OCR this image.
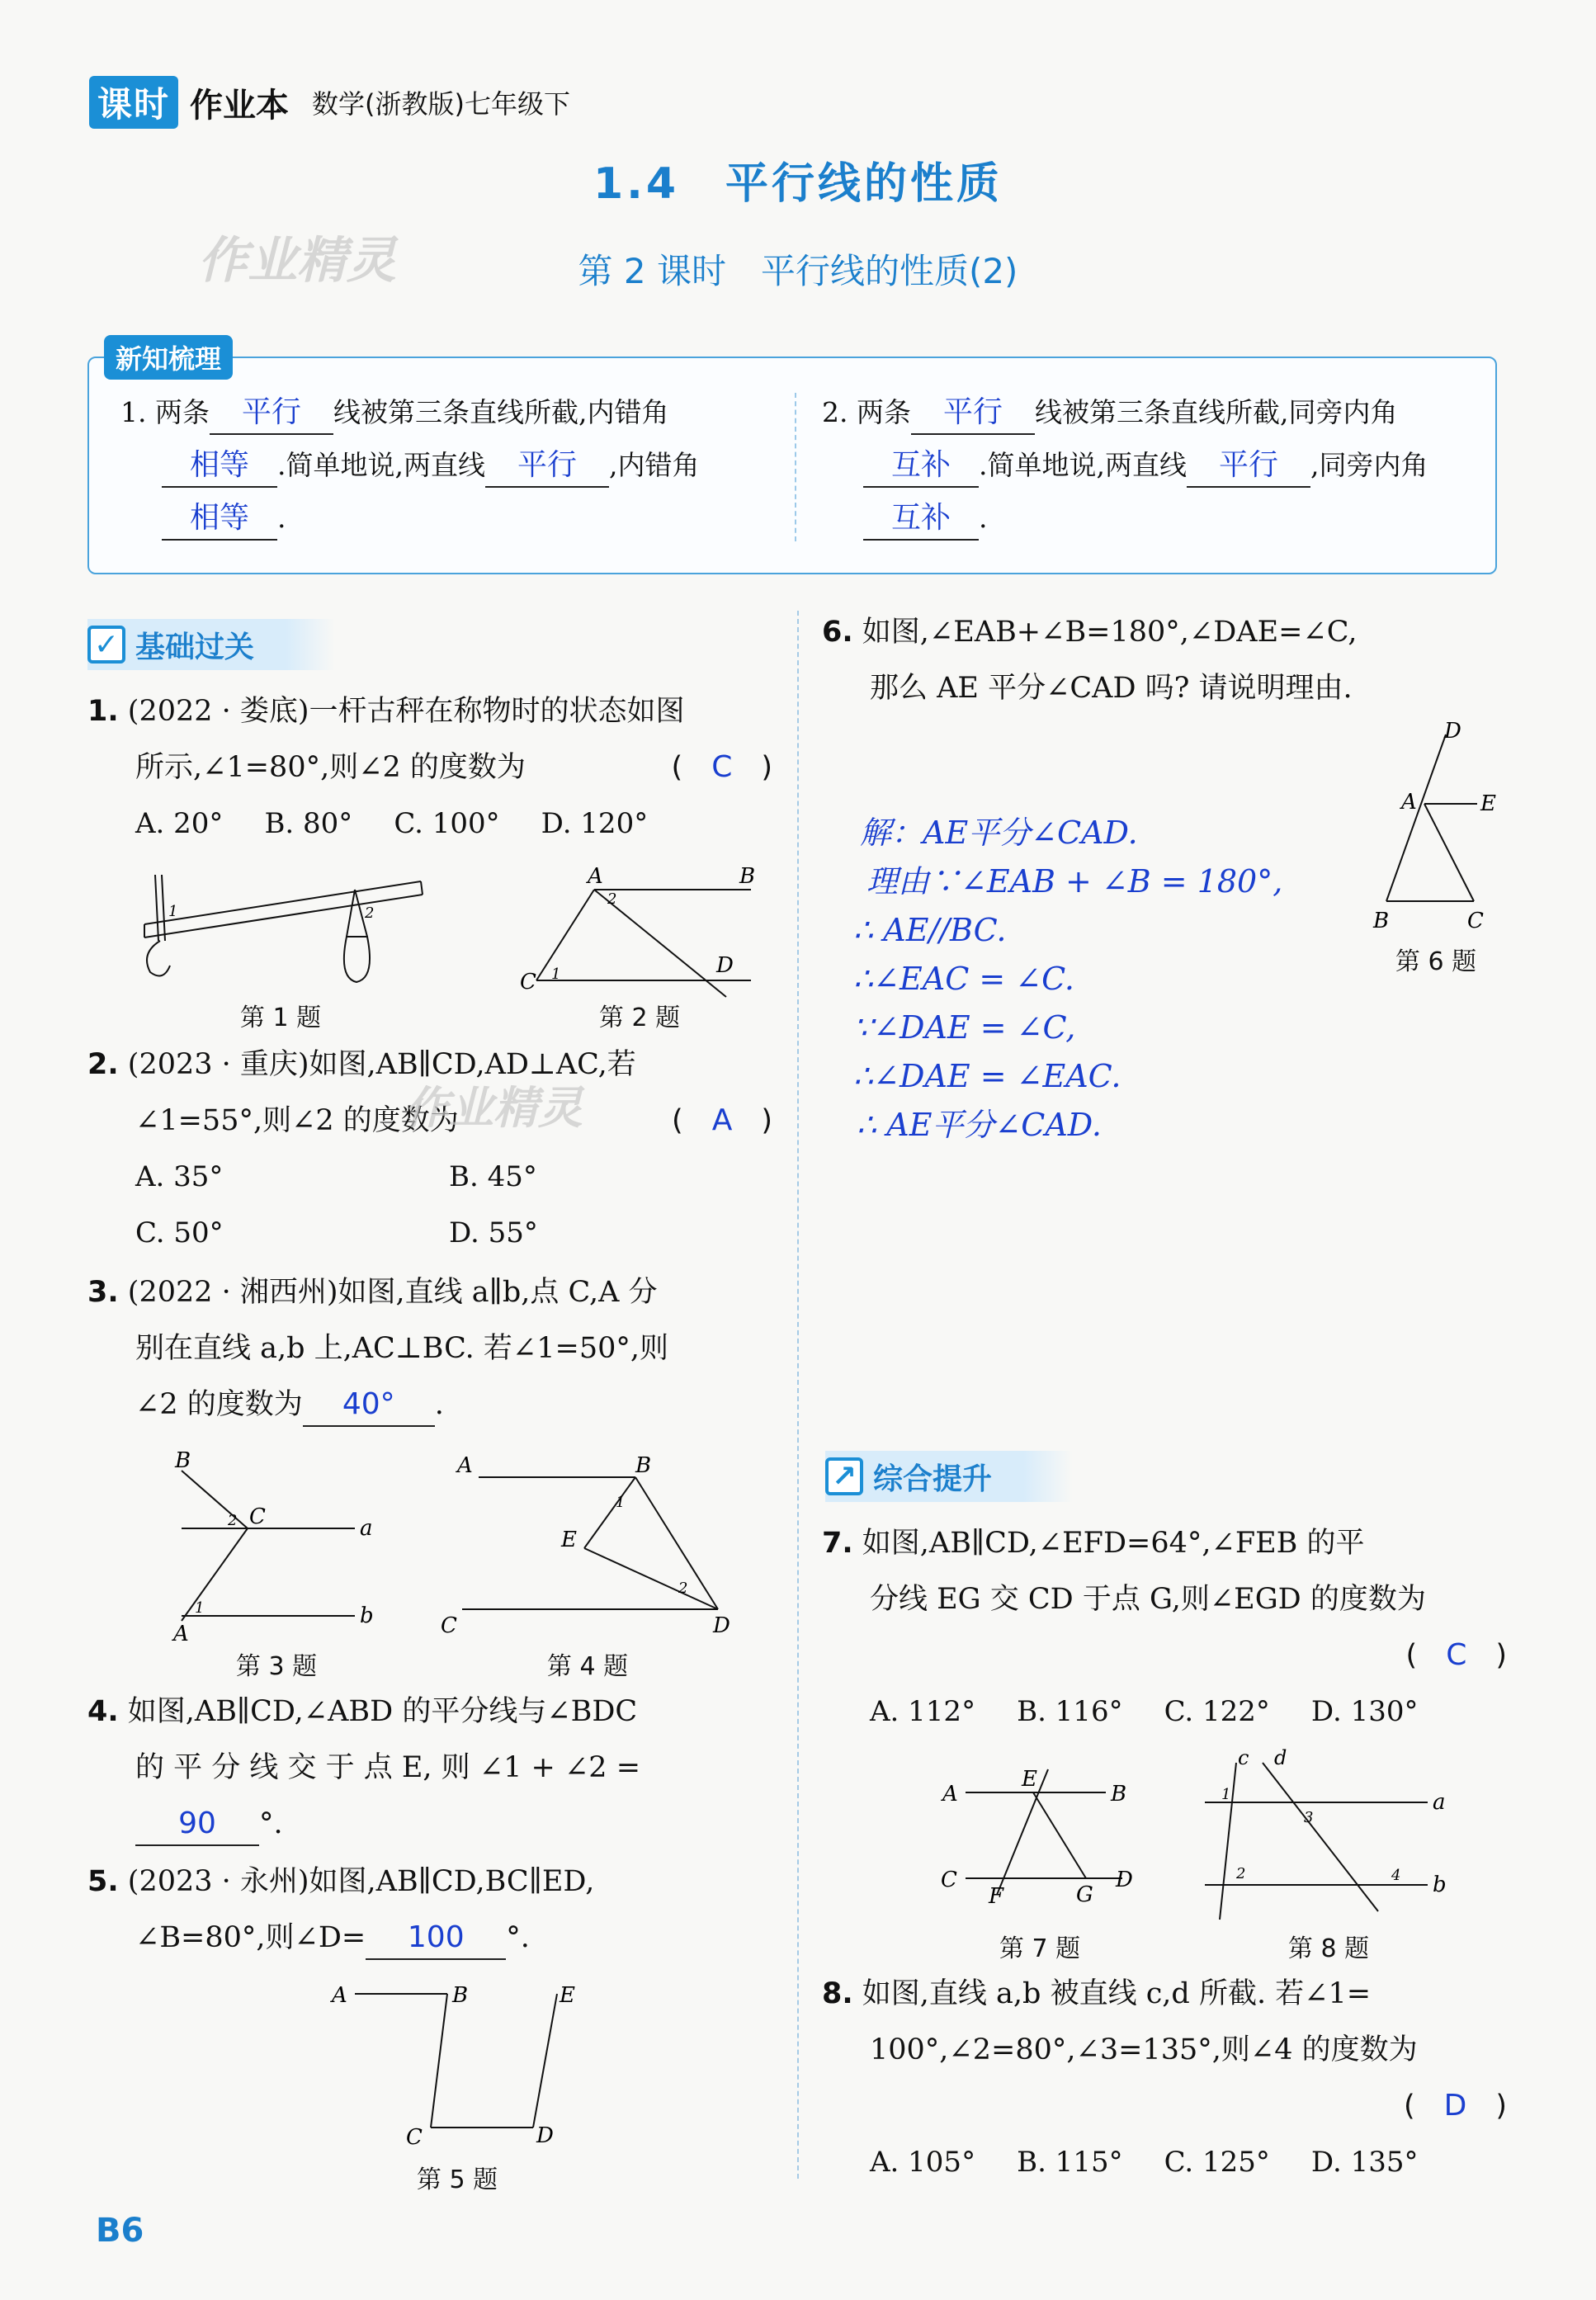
课时 作业本 数学(浙教版)七年级下
1.4　平行线的性质
第 2 课时　平行线的性质(2)
作业精灵
新知梳理
1. 两条 平行 线被第三条直线所截,内错角
相等 .简单地说,两直线 平行 ,内错角
相等 .
2. 两条 平行 线被第三条直线所截,同旁内角
互补 .简单地说,两直线 平行 ,同旁内角
互补 .
✓ 基础过关
1. (2022 · 娄底)一杆古秤在称物时的状态如图
所示,∠1=80°,则∠2 的度数为	(　C　)
A. 20° B. 80° C. 100° D. 120°
1	2
第 1 题
A	B
C
D
2
1
第 2 题
2. (2023 · 重庆)如图,AB∥CD,AD⊥AC,若
∠1=55°,则∠2 的度数为	(　A　)
A. 35°	B. 45°
C. 50°	D. 55°
作业精灵
3. (2022 · 湘西州)如图,直线 a∥b,点 C,A 分
别在直线 a,b 上,AC⊥BC. 若∠1=50°,则
∠2 的度数为 40° .
B
C	a
b
A
2
1
第 3 题
A	B
E
C	D
1
2
第 4 题
4. 如图,AB∥CD,∠ABD 的平分线与∠BDC
的 平 分 线 交 于 点 E, 则 ∠1 + ∠2 =
90 °.
5. (2023 · 永州)如图,AB∥CD,BC∥ED,
∠B=80°,则∠D= 100 °.
A	B	E
C	D
第 5 题
6. 如图,∠EAB+∠B=180°,∠DAE=∠C,
那么 AE 平分∠CAD 吗? 请说明理由.
D
A	E
B	C
第 6 题
解：AE平分∠CAD.
理由∵∠EAB + ∠B = 180°,
∴ AE//BC.
∴∠EAC = ∠C.
∵∠DAE = ∠C,
∴∠DAE = ∠EAC.
∴ AE平分∠CAD.
↗ 综合提升
7. 如图,AB∥CD,∠EFD=64°,∠FEB 的平
分线 EG 交 CD 于点 G,则∠EGD 的度数为
(　C　)
A. 112° B. 116° C. 122° D. 130°
A	B
E
C
F	G
D
第 7 题
c d
a
b
1
2
3
4
第 8 题
8. 如图,直线 a,b 被直线 c,d 所截. 若∠1=
100°,∠2=80°,∠3=135°,则∠4 的度数为
(　D　)
A. 105° B. 115° C. 125° D. 135°
B6
